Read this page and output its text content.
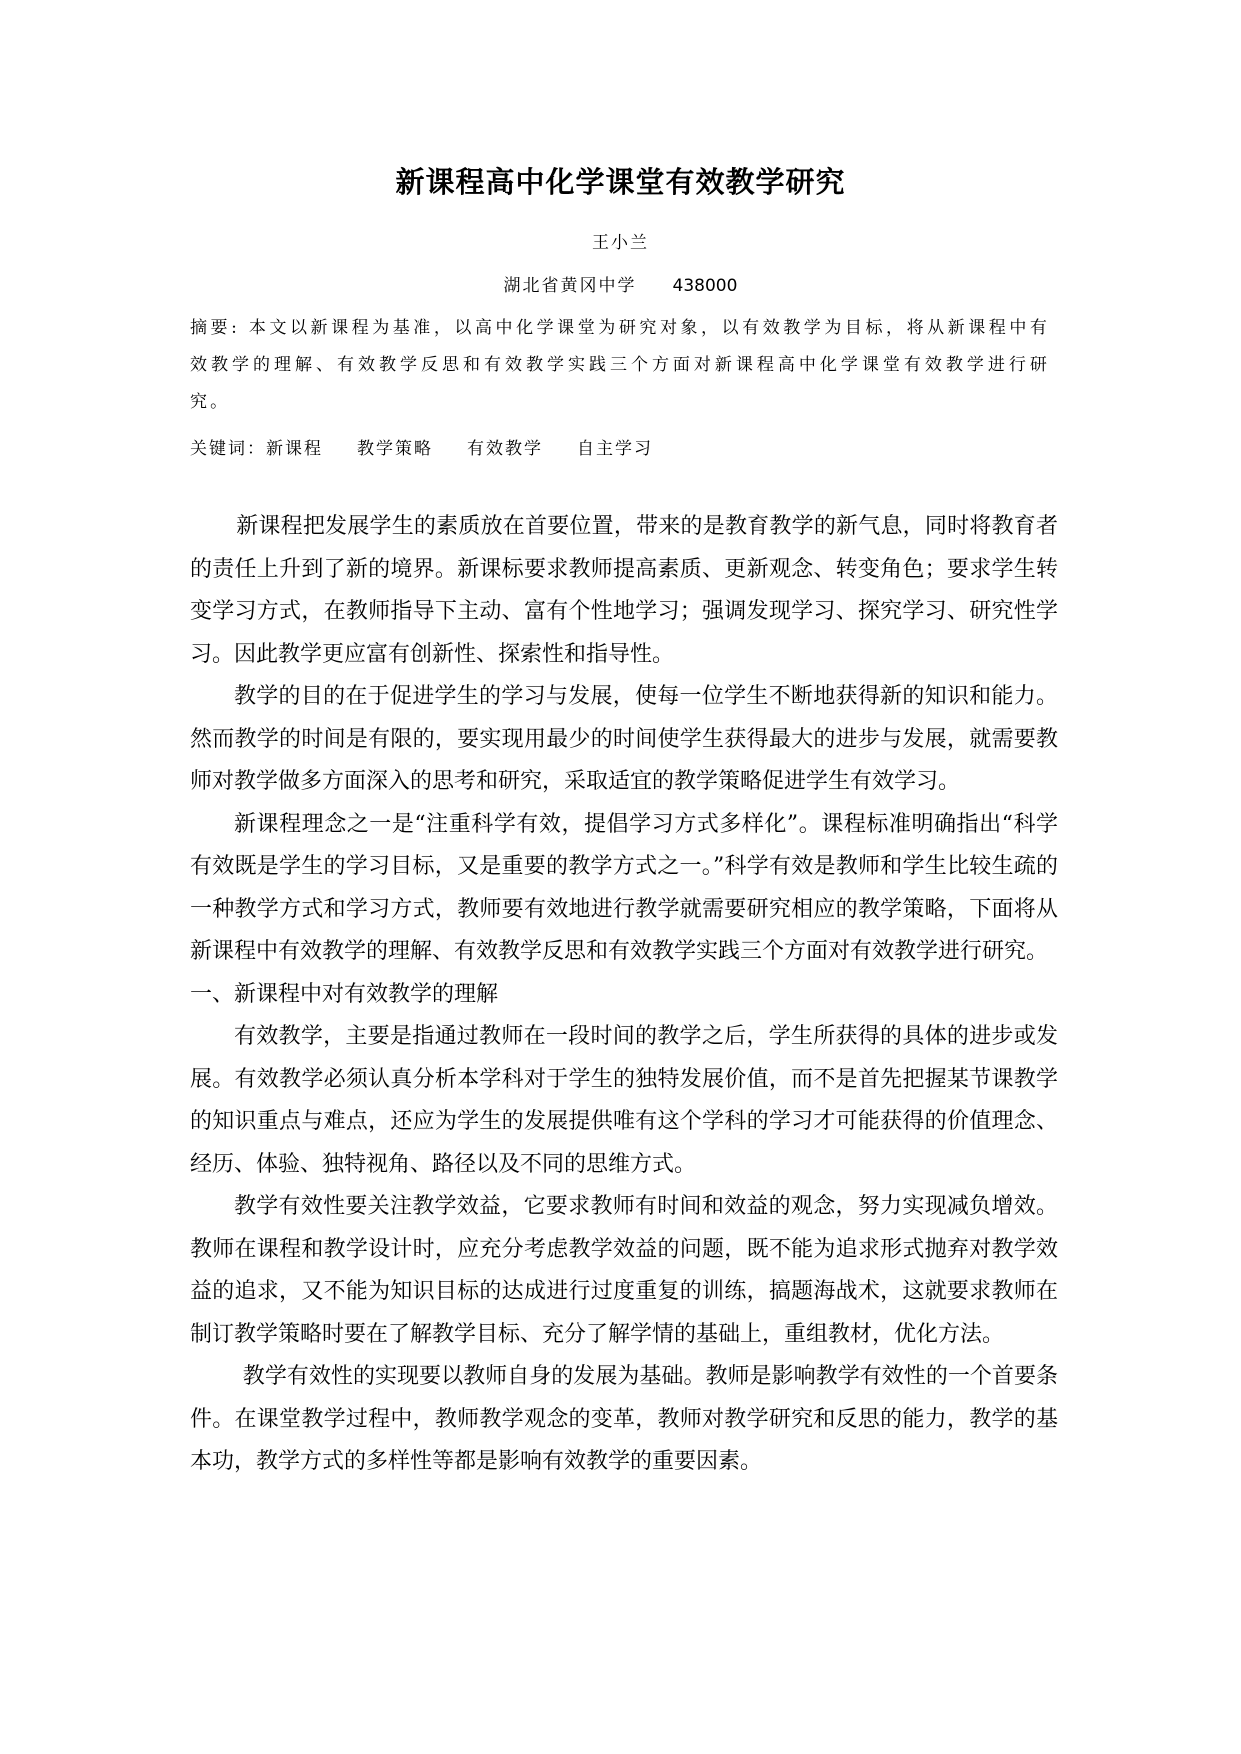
新课程高中化学课堂有效教学研究
王小兰
湖北省黄冈中学 438000
摘要: 本文以新课程为基准，以高中化学课堂为研究对象，以有效教学为目标，将从新课程中有效教学的理解、有效教学反思和有效教学实践三个方面对新课程高中化学课堂有效教学进行研究。
关键词：新课程 教学策略 有效教学 自主学习

新课程把发展学生的素质放在首要位置，带来的是教育教学的新气息，同时将教育者的责任上升到了新的境界。新课标要求教师提高素质、更新观念、转变角色；要求学生转变学习方式，在教师指导下主动、富有个性地学习；强调发现学习、探究学习、研究性学习。因此教学更应富有创新性、探索性和指导性。

教学的目的在于促进学生的学习与发展，使每一位学生不断地获得新的知识和能力。然而教学的时间是有限的，要实现用最少的时间使学生获得最大的进步与发展，就需要教师对教学做多方面深入的思考和研究，采取适宜的教学策略促进学生有效学习。

新课程理念之一是“注重科学有效，提倡学习方式多样化”。课程标准明确指出“科学有效既是学生的学习目标，又是重要的教学方式之一。”科学有效是教师和学生比较生疏的一种教学方式和学习方式，教师要有效地进行教学就需要研究相应的教学策略，下面将从新课程中有效教学的理解、有效教学反思和有效教学实践三个方面对有效教学进行研究。

一、新课程中对有效教学的理解

有效教学，主要是指通过教师在一段时间的教学之后，学生所获得的具体的进步或发展。有效教学必须认真分析本学科对于学生的独特发展价值，而不是首先把握某节课教学的知识重点与难点，还应为学生的发展提供唯有这个学科的学习才可能获得的价值理念、经历、体验、独特视角、路径以及不同的思维方式。

教学有效性要关注教学效益，它要求教师有时间和效益的观念，努力实现减负增效。教师在课程和教学设计时，应充分考虑教学效益的问题，既不能为追求形式抛弃对教学效益的追求，又不能为知识目标的达成进行过度重复的训练，搞题海战术，这就要求教师在制订教学策略时要在了解教学目标、充分了解学情的基础上，重组教材，优化方法。

教学有效性的实现要以教师自身的发展为基础。教师是影响教学有效性的一个首要条件。在课堂教学过程中，教师教学观念的变革，教师对教学研究和反思的能力，教学的基本功，教学方式的多样性等都是影响有效教学的重要因素。
